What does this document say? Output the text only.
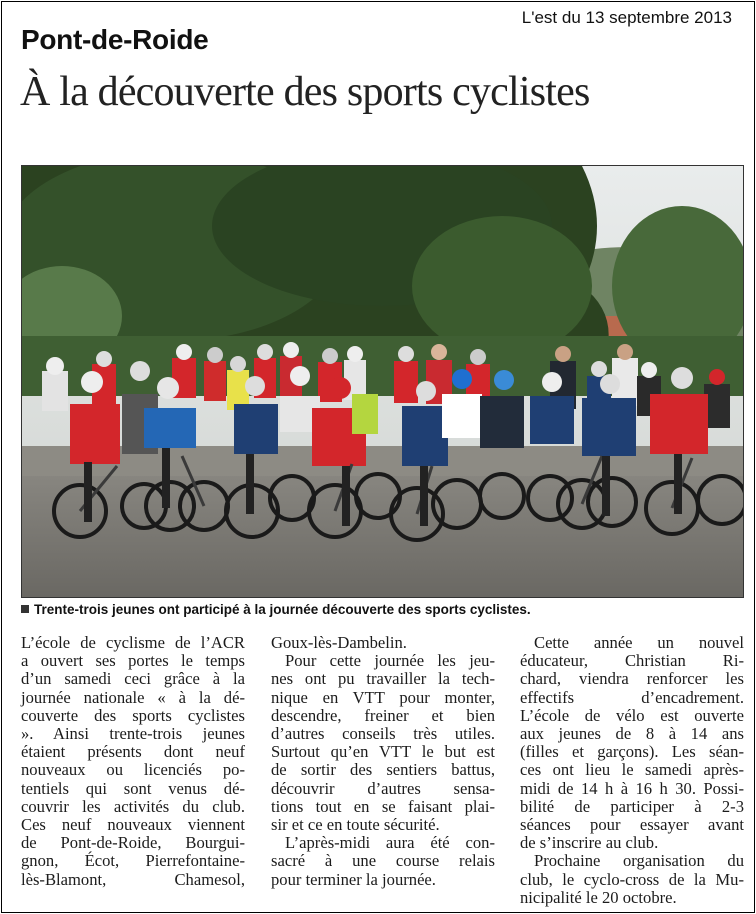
L'est du 13 septembre 2013
Pont-de-Roide
À la découverte des sports cyclistes
Trente-trois jeunes ont participé à la journée découverte des sports cyclistes.
L’école de cyclisme de l’ACR
a ouvert ses portes le temps
d’un samedi ceci grâce à la
journée nationale « à la dé-
couverte des sports cyclistes
». Ainsi trente-trois jeunes
étaient présents dont neuf
nouveaux ou licenciés po-
tentiels qui sont venus dé-
couvrir les activités du club.
Ces neuf nouveaux viennent
de Pont-de-Roide, Bourgui-
gnon, Écot, Pierrefontaine-
lès-Blamont, Chamesol,
Goux-lès-Dambelin.
Pour cette journée les jeu-
nes ont pu travailler la tech-
nique en VTT pour monter,
descendre, freiner et bien
d’autres conseils très utiles.
Surtout qu’en VTT le but est
de sortir des sentiers battus,
découvrir d’autres sensa-
tions tout en se faisant plai-
sir et ce en toute sécurité.
L’après-midi aura été con-
sacré à une course relais
pour terminer la journée.
Cette année un nouvel
éducateur, Christian Ri-
chard, viendra renforcer les
effectifs d’encadrement.
L’école de vélo est ouverte
aux jeunes de 8 à 14 ans
(filles et garçons). Les séan-
ces ont lieu le samedi après-
midi de 14 h à 16 h 30. Possi-
bilité de participer à 2-3
séances pour essayer avant
de s’inscrire au club.
Prochaine organisation du
club, le cyclo-cross de la Mu-
nicipalité le 20 octobre.
